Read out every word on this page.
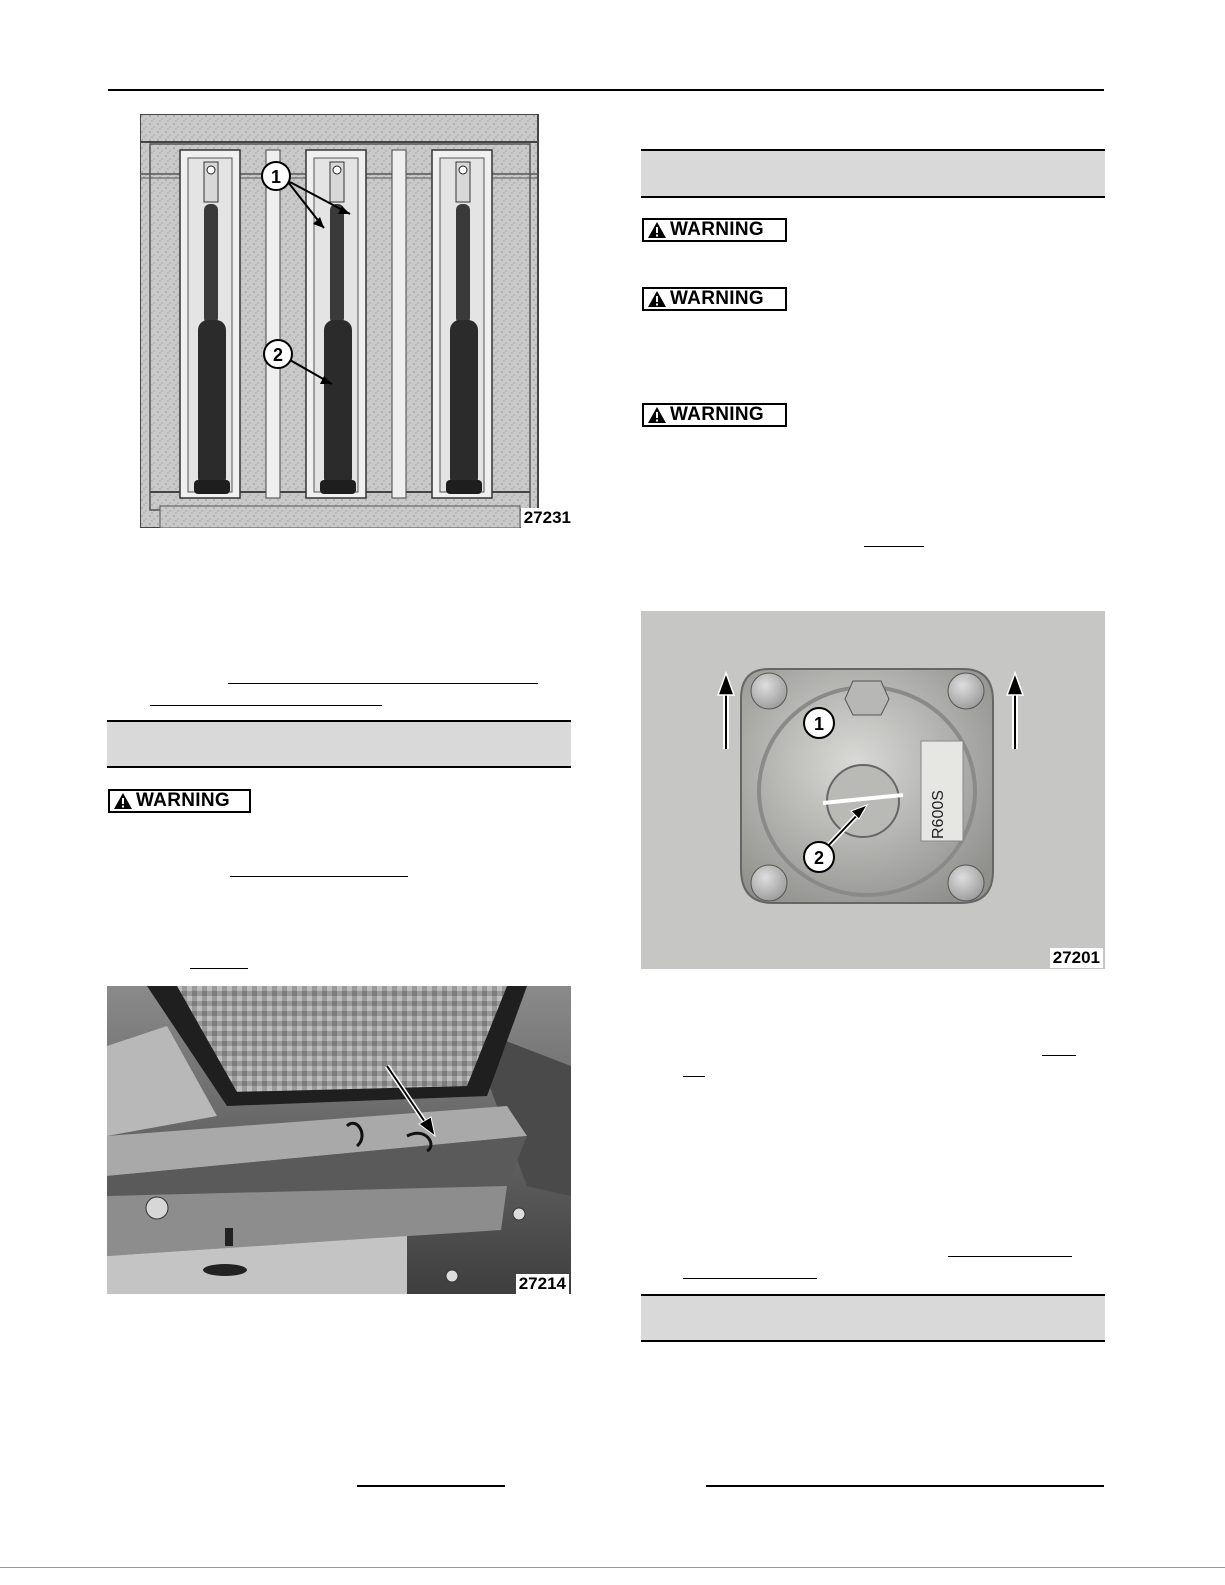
1
2
27231
WARNING
27214
WARNING
WARNING
WARNING
R600S
1
2
27201
